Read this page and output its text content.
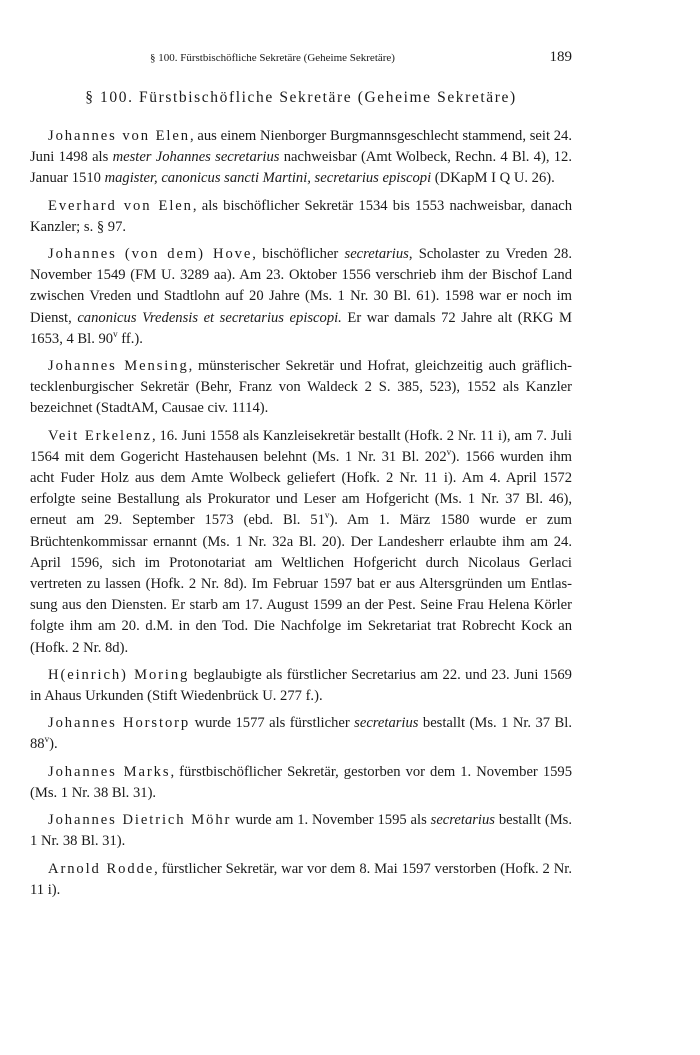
§ 100. Fürstbischöfliche Sekretäre (Geheime Sekretäre)	189
§ 100. Fürstbischöfliche Sekretäre (Geheime Sekretäre)

Johannes von Elen, aus einem Nienborger Burgmannsgeschlecht stammend, seit 24. Juni 1498 als mester Johannes secretarius nachweisbar (Amt Wolbeck, Rechn. 4 Bl. 4), 12. Januar 1510 magister, canonicus sancti Martini, secretarius episcopi (DKapM I Q U. 26).

Everhard von Elen, als bischöflicher Sekretär 1534 bis 1553 nachweisbar, danach Kanzler; s. § 97.

Johannes (von dem) Hove, bischöflicher secretarius, Scholaster zu Vreden 28. November 1549 (FM U. 3289 aa). Am 23. Oktober 1556 verschrieb ihm der Bischof Land zwischen Vreden und Stadtlohn auf 20 Jahre (Ms. 1 Nr. 30 Bl. 61). 1598 war er noch im Dienst, canonicus Vredensis et secretarius episcopi. Er war damals 72 Jahre alt (RKG M 1653, 4 Bl. 90$^v$ ff.).

Johannes Mensing, münsterischer Sekretär und Hofrat, gleichzeitig auch gräflich-tecklenburgischer Sekretär (Behr, Franz von Waldeck 2 S. 385, 523), 1552 als Kanzler bezeichnet (StadtAM, Causae civ. 1114).

Veit Erkelenz, 16. Juni 1558 als Kanzleisekretär bestallt (Hofk. 2 Nr. 11 i), am 7. Juli 1564 mit dem Gogericht Hastehausen belehnt (Ms. 1 Nr. 31 Bl. 202$^v$). 1566 wurden ihm acht Fuder Holz aus dem Amte Wolbeck geliefert (Hofk. 2 Nr. 11 i). Am 4. April 1572 erfolgte seine Bestallung als Prokurator und Leser am Hofgericht (Ms. 1 Nr. 37 Bl. 46), erneut am 29. September 1573 (ebd. Bl. 51$^v$). Am 1. März 1580 wurde er zum Brüchtenkommissar ernannt (Ms. 1 Nr. 32a Bl. 20). Der Landesherr erlaubte ihm am 24. April 1596, sich im Protonotariat am Weltlichen Hofgericht durch Nicolaus Gerlaci vertreten zu lassen (Hofk. 2 Nr. 8d). Im Februar 1597 bat er aus Altersgründen um Entlassung aus den Diensten. Er starb am 17. August 1599 an der Pest. Seine Frau Helena Körler folgte ihm am 20. d.M. in den Tod. Die Nachfolge im Sekretariat trat Robrecht Kock an (Hofk. 2 Nr. 8d).

H(einrich) Moring beglaubigte als fürstlicher Secretarius am 22. und 23. Juni 1569 in Ahaus Urkunden (Stift Wiedenbrück U. 277 f.).

Johannes Horstorp wurde 1577 als fürstlicher secretarius bestallt (Ms. 1 Nr. 37 Bl. 88$^v$).

Johannes Marks, fürstbischöflicher Sekretär, gestorben vor dem 1. November 1595 (Ms. 1 Nr. 38 Bl. 31).

Johannes Dietrich Möhr wurde am 1. November 1595 als secretarius bestallt (Ms. 1 Nr. 38 Bl. 31).

Arnold Rodde, fürstlicher Sekretär, war vor dem 8. Mai 1597 verstorben (Hofk. 2 Nr. 11 i).
